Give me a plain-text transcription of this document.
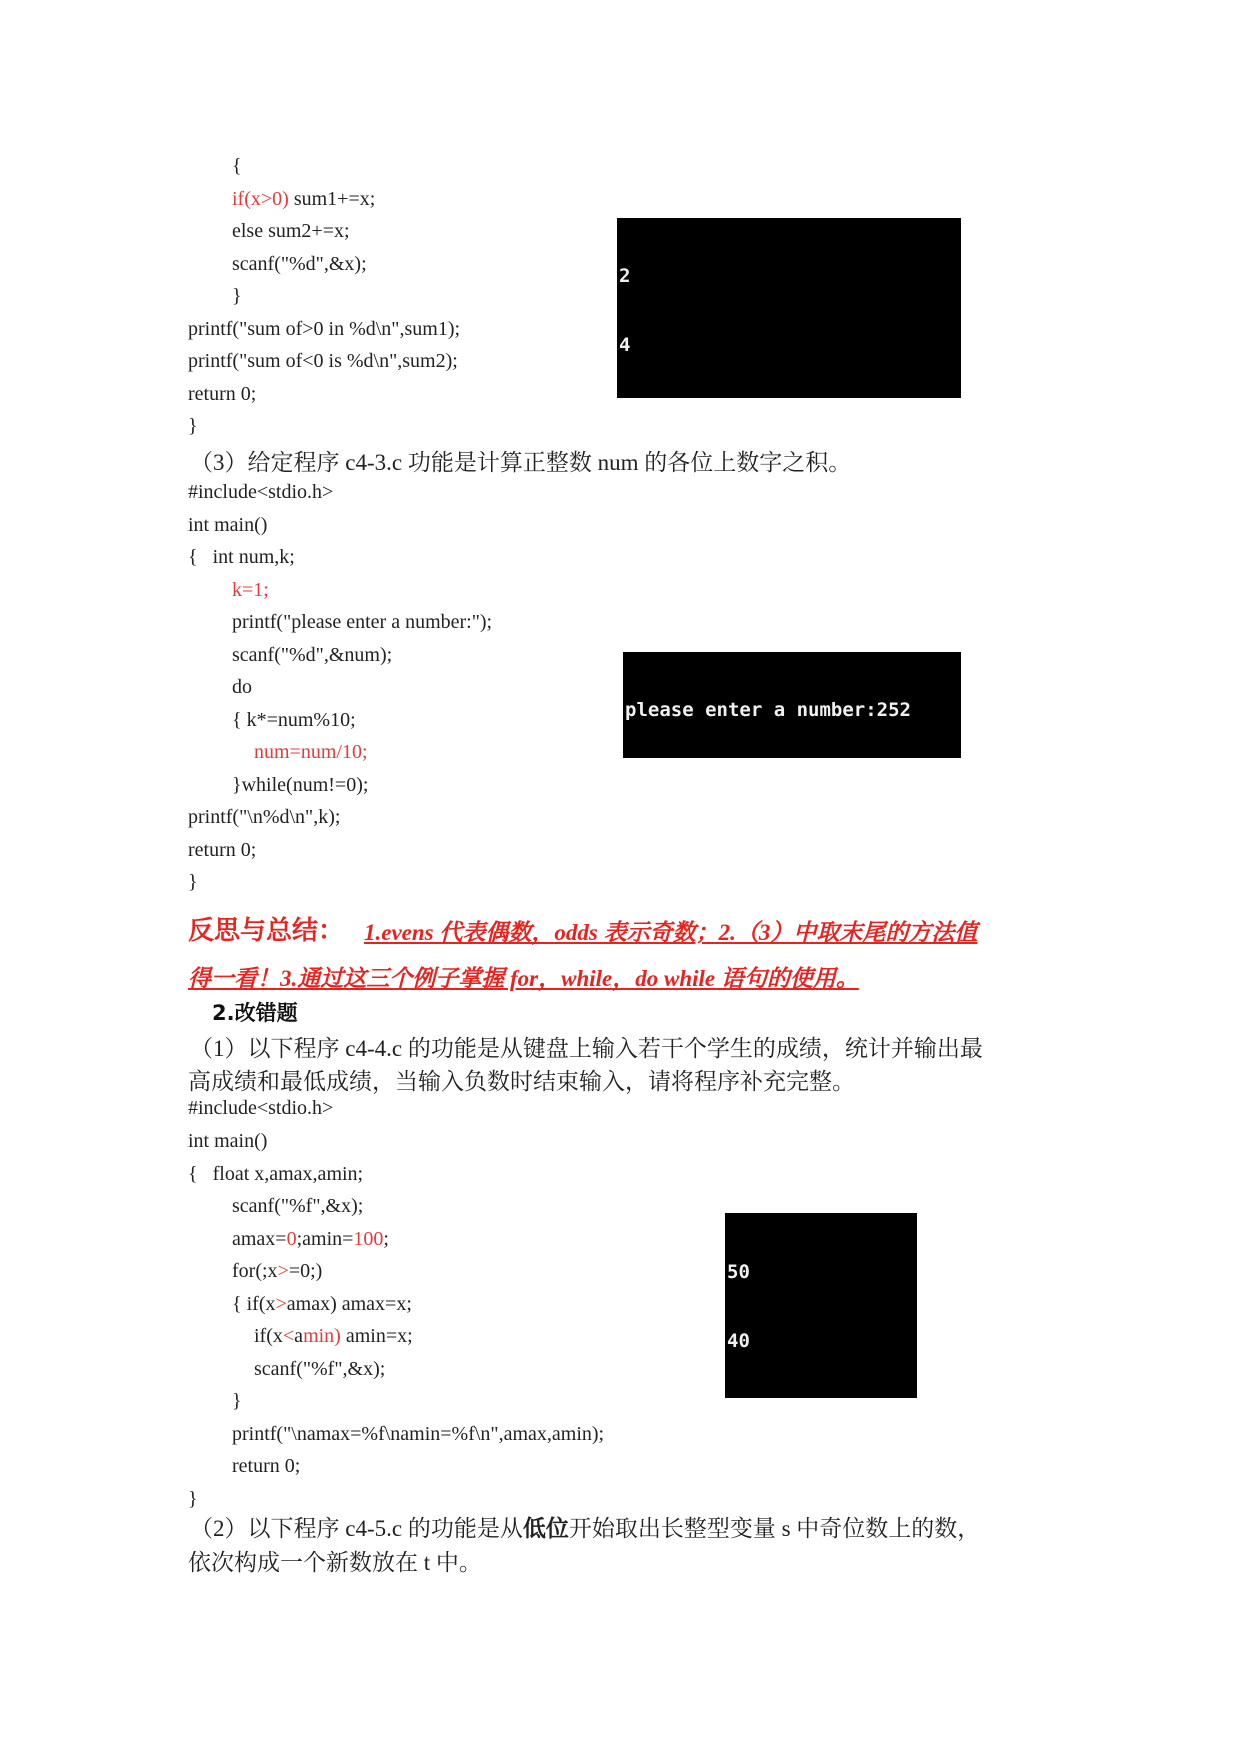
{
if(x>0) sum1+=x;
else sum2+=x;
scanf("%d",&x);
}
printf("sum of>0 in %d\n",sum1);
printf("sum of<0 is %d\n",sum2);
return 0;
}

2

4

（3）给定程序 c4-3.c 功能是计算正整数 num 的各位上数字之积。
#include<stdio.h>
int main()
{   int num,k;
k=1;
printf("please enter a number:");
scanf("%d",&num);
do
{ k*=num%10;
num=num/10;
}while(num!=0);
printf("\n%d\n",k);
return 0;
}

please enter a number:252

反思与总结： 1.evens 代表偶数，odds 表示奇数；2.（3）中取末尾的方法值
得一看！3.通过这三个例子掌握 for，while，do while 语句的使用。
2.改错题
（1）以下程序 c4-4.c 的功能是从键盘上输入若干个学生的成绩，统计并输出最
高成绩和最低成绩，当输入负数时结束输入，请将程序补充完整。
#include<stdio.h>
int main()
{   float x,amax,amin;
scanf("%f",&x);
amax=0;amin=100;
for(;x>=0;)
{ if(x>amax) amax=x;
if(x<amin) amin=x;
scanf("%f",&x);
}
printf("\namax=%f\namin=%f\n",amax,amin);
return 0;
}

50

40

（2）以下程序 c4-5.c 的功能是从低位开始取出长整型变量 s 中奇位数上的数，
依次构成一个新数放在 t 中。
